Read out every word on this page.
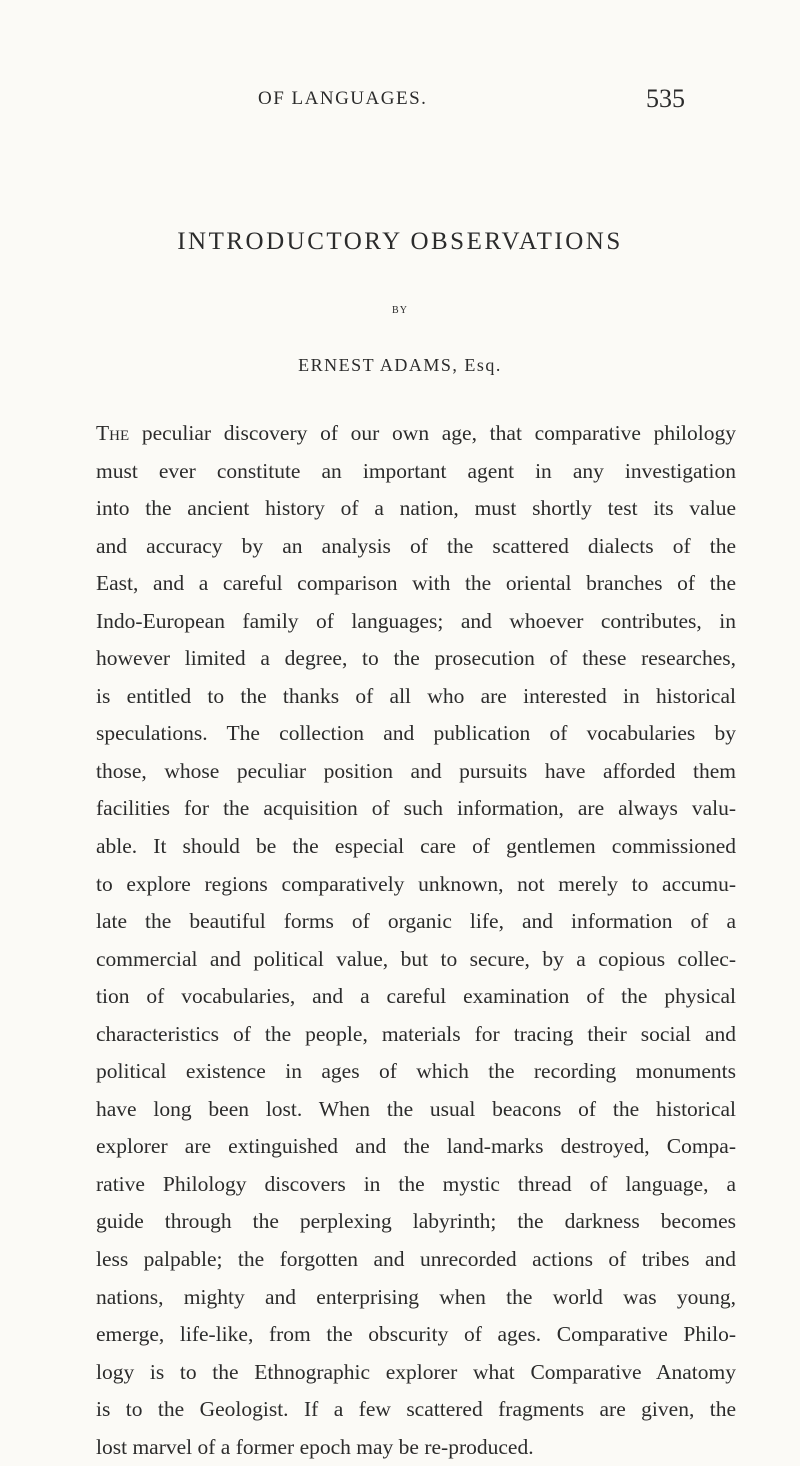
OF LANGUAGES.	535
INTRODUCTORY OBSERVATIONS
BY
ERNEST ADAMS, Esq.
The peculiar discovery of our own age, that comparative philology
must ever constitute an important agent in any investigation
into the ancient history of a nation, must shortly test its value
and accuracy by an analysis of the scattered dialects of the
East, and a careful comparison with the oriental branches of the
Indo-European family of languages; and whoever contributes, in
however limited a degree, to the prosecution of these researches,
is entitled to the thanks of all who are interested in historical
speculations. The collection and publication of vocabularies by
those, whose peculiar position and pursuits have afforded them
facilities for the acquisition of such information, are always valu-
able. It should be the especial care of gentlemen commissioned
to explore regions comparatively unknown, not merely to accumu-
late the beautiful forms of organic life, and information of a
commercial and political value, but to secure, by a copious collec-
tion of vocabularies, and a careful examination of the physical
characteristics of the people, materials for tracing their social and
political existence in ages of which the recording monuments
have long been lost. When the usual beacons of the historical
explorer are extinguished and the land-marks destroyed, Compa-
rative Philology discovers in the mystic thread of language, a
guide through the perplexing labyrinth; the darkness becomes
less palpable; the forgotten and unrecorded actions of tribes and
nations, mighty and enterprising when the world was young,
emerge, life-like, from the obscurity of ages. Comparative Philo-
logy is to the Ethnographic explorer what Comparative Anatomy
is to the Geologist. If a few scattered fragments are given, the
lost marvel of a former epoch may be re-produced.
